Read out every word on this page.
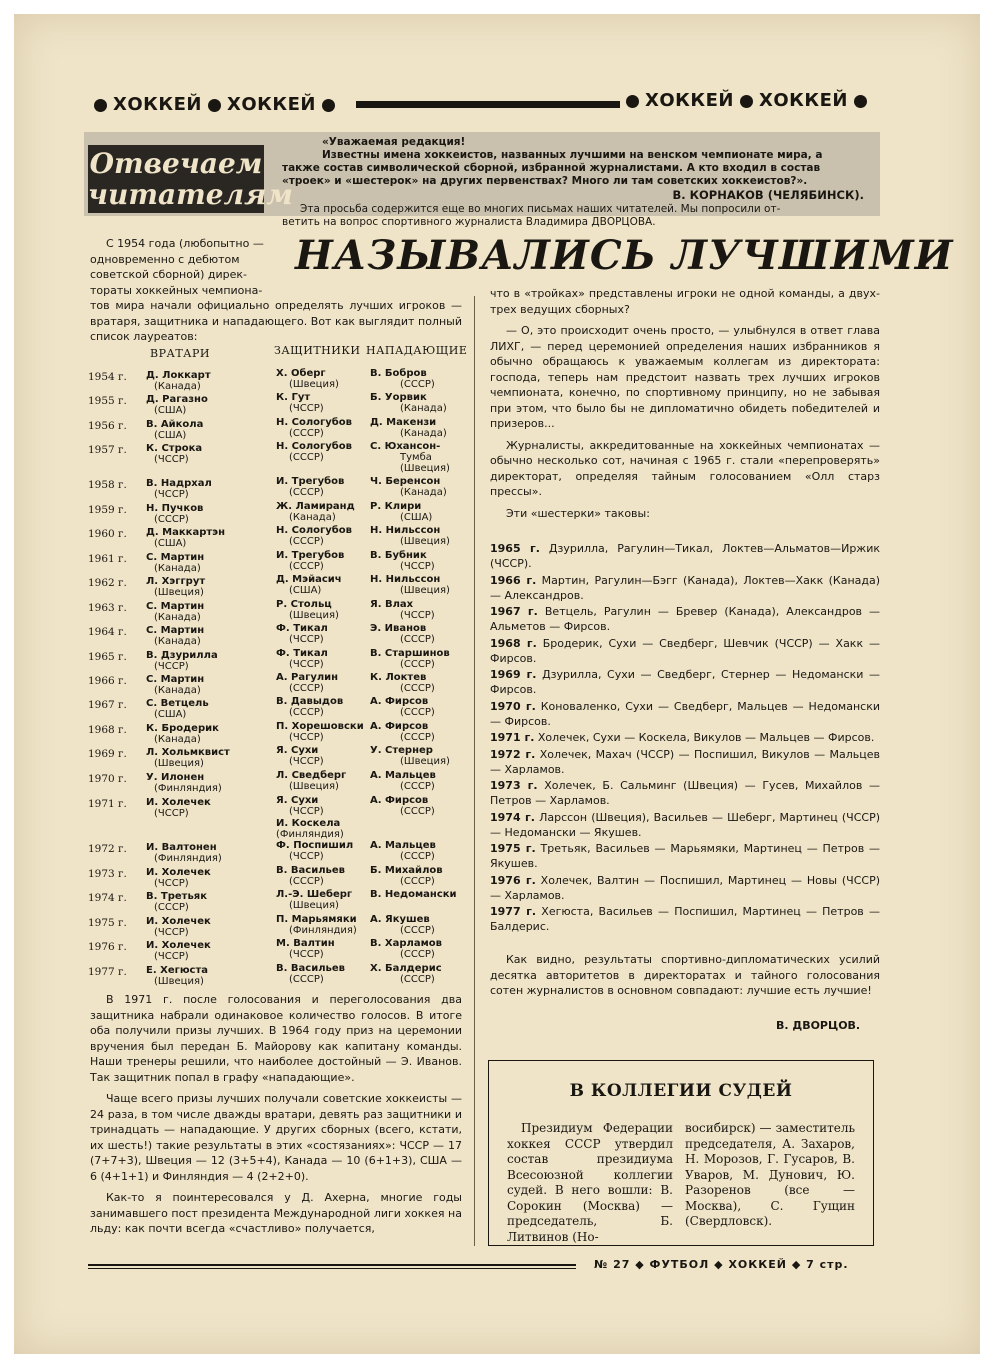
ХОККЕЙ ХОККЕЙ	ХОККЕЙ ХОККЕЙ
Отвечаем
читателям
«Уважаемая редакция!
Известны имена хоккеистов, названных лучшими на венском чемпионате мира, а
также состав символической сборной, избранной журналистами. А кто входил в состав
«троек» и «шестерок» на других первенствах? Много ли там советских хоккеистов?».
В. КОРНАКОВ (ЧЕЛЯБИНСК).
Эта просьба содержится еще во многих письмах наших читателей. Мы попросили от-
ветить на вопрос спортивного журналиста Владимира ДВОРЦОВА.
С 1954 года (любопытно —
одновременно с дебютом
советской сборной) дирек-
тораты хоккейных чемпиона-
НАЗЫВАЛИСЬ ЛУЧШИМИ
тов мира начали официально определять лучших игроков — вратаря, защитника и нападающего. Вот как выглядит полный список лауреатов:
ВРАТАРИ	ЗАЩИТНИКИ НАПАДАЮЩИЕ
1954 г. Д. Локкарт
(Канада)
Х. Оберг
(Швеция)
В. Бобров
(СССР)
1955 г. Д. Рагазно
(США)
К. Гут
(ЧССР)
Б. Уорвик
(Канада)
1956 г. В. Айкола
(США)
Н. Сологубов
(СССР)
Д. Макензи
(Канада)
1957 г. К. Строка
(ЧССР)
Н. Сологубов
(СССР)
С. Юхансон-
Тумба
(Швеция)
1958 г. В. Надрхал
(ЧССР)
И. Трегубов
(СССР)
Ч. Беренсон
(Канада)
1959 г. Н. Пучков
(СССР)
Ж. Ламиранд
(Канада)
Р. Клири
(США)
1960 г. Д. Маккартэн
(США)
Н. Сологубов
(СССР)
Н. Нильссон
(Швеция)
1961 г. С. Мартин
(Канада)
И. Трегубов
(СССР)
В. Бубник
(ЧССР)
1962 г. Л. Хэггрут
(Швеция)
Д. Мэйасич
(США)
Н. Нильссон
(Швеция)
1963 г. С. Мартин
(Канада)
Р. Стольц
(Швеция)
Я. Влах
(ЧССР)
1964 г. С. Мартин
(Канада)
Ф. Тикал
(ЧССР)
Э. Иванов
(СССР)
1965 г. В. Дзурилла
(ЧССР)
Ф. Тикал
(ЧССР)
В. Старшинов
(СССР)
1966 г. С. Мартин
(Канада)
А. Рагулин
(СССР)
К. Локтев
(СССР)
1967 г. С. Ветцель
(США)
В. Давыдов
(СССР)
А. Фирсов
(СССР)
1968 г. К. Бродерик
(Канада)
П. Хорешовски
(ЧССР)
А. Фирсов
(СССР)
1969 г. Л. Хольмквист
(Швеция)
Я. Сухи
(ЧССР)
У. Стернер
(Швеция)
1970 г. У. Илонен
(Финляндия)
Л. Сведберг
(Швеция)
А. Мальцев
(СССР)
1971 г. И. Холечек
(ЧССР)
Я. Сухи
(ЧССР)
И. Коскела
(Финляндия)
А. Фирсов
(СССР)
1972 г. И. Валтонен
(Финляндия)
Ф. Поспишил
(ЧССР)
А. Мальцев
(СССР)
1973 г. И. Холечек
(ЧССР)
В. Васильев
(СССР)
Б. Михайлов
(СССР)
1974 г. В. Третьяк
(СССР)
Л.-Э. Шеберг
(Швеция)
В. Недомански
1975 г. И. Холечек
(ЧССР)
П. Марьямяки
(Финляндия)
А. Якушев
(СССР)
1976 г. И. Холечек
(ЧССР)
М. Валтин
(ЧССР)
В. Харламов
(СССР)
1977 г. Е. Хегюста
(Швеция)
В. Васильев
(СССР)
Х. Балдерис
(СССР)

В 1971 г. после голосования и переголосования два защитника набрали одинаковое количество голосов. В итоге оба получили призы лучших. В 1964 году приз на церемонии вручения был передан Б. Майорову как капитану команды. Наши тренеры решили, что наиболее достойный — Э. Иванов. Так защитник попал в графу «нападающие».

Чаще всего призы лучших получали советские хоккеисты — 24 раза, в том числе дважды вратари, девять раз защитники и тринадцать — нападающие. У других сборных (всего, кстати, их шесть!) такие результаты в этих «состязаниях»: ЧССР — 17 (7+7+3), Швеция — 12 (3+5+4), Канада — 10 (6+1+3), США — 6 (4+1+1) и Финляндия — 4 (2+2+0).

Как-то я поинтересовался у Д. Ахерна, многие годы занимавшего пост президента Международной лиги хоккея на льду: как почти всегда «счастливо» получается,

что в «тройках» представлены игроки не одной команды, а двух-трех ведущих сборных?

— О, это происходит очень просто, — улыбнулся в ответ глава ЛИХГ, — перед церемонией определения наших избранников я обычно обращаюсь к уважаемым коллегам из директората: господа, теперь нам предстоит назвать трех лучших игроков чемпионата, конечно, по спортивному принципу, но не забывая при этом, что было бы не дипломатично обидеть победителей и призеров...

Журналисты, аккредитованные на хоккейных чемпионатах — обычно несколько сот, начиная с 1965 г. стали «перепроверять» директорат, определяя тайным голосованием «Олл старз прессы».

Эти «шестерки» таковы:

1965 г. Дзурилла, Рагулин—Тикал, Локтев—Альматов—Иржик (ЧССР).
1966 г. Мартин, Рагулин—Бэгг (Канада), Локтев—Хакк (Канада) — Александров.
1967 г. Ветцель, Рагулин — Бревер (Канада), Александров — Альметов — Фирсов.
1968 г. Бродерик, Сухи — Сведберг, Шевчик (ЧССР) — Хакк — Фирсов.
1969 г. Дзурилла, Сухи — Сведберг, Стернер — Недомански — Фирсов.
1970 г. Коноваленко, Сухи — Сведберг, Мальцев — Недомански — Фирсов.
1971 г. Холечек, Сухи — Коскела, Викулов — Мальцев — Фирсов.
1972 г. Холечек, Махач (ЧССР) — Поспишил, Викулов — Мальцев — Харламов.
1973 г. Холечек, Б. Сальминг (Швеция) — Гусев, Михайлов — Петров — Харламов.
1974 г. Ларссон (Швеция), Васильев — Шеберг, Мартинец (ЧССР) — Недомански — Якушев.
1975 г. Третьяк, Васильев — Марьямяки, Мартинец — Петров — Якушев.
1976 г. Холечек, Валтин — Поспишил, Мартинец — Новы (ЧССР) — Харламов.
1977 г. Хегюста, Васильев — Поспишил, Мартинец — Петров — Балдерис.

Как видно, результаты спортивно-дипломатических усилий десятка авторитетов в директоратах и тайного голосования сотен журналистов в основном совпадают: лучшие есть лучшие!

В. ДВОРЦОВ.
В КОЛЛЕГИИ СУДЕЙ
Президиум Федерации хоккея СССР утвердил состав президиума Всесоюзной коллегии судей. В него вошли: В. Сорокин (Москва) — председатель, Б. Литвинов (Но-
восибирск) — заместитель председателя, А. Захаров, Н. Морозов, Г. Гусаров, В. Уваров, М. Дунович, Ю. Разоренов (все — Москва), С. Гущин (Свердловск).
№ 27 ◆ ФУТБОЛ ◆ ХОККЕЙ ◆ 7 стр.
